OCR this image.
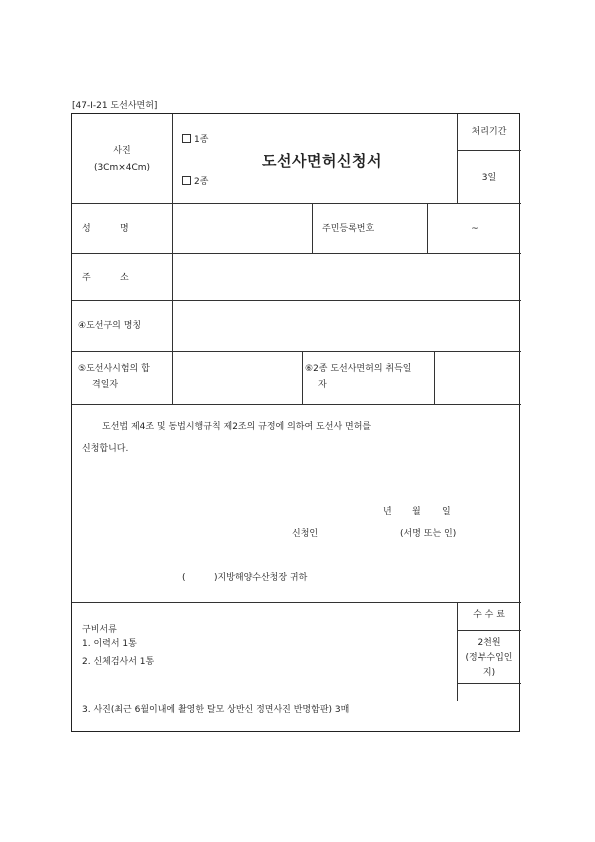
[47-Ⅰ-21 도선사면허]
사진
(3Cm×4Cm)
1종
2종
도선사면허신청서
처리기간
3일
성	명	주민등록번호	~
주	소
④도선구의 명칭
⑤도선사시험의 합
격일자
⑥2종 도선사면허의 취득일
자
도선법 제4조 및 동법시행규칙 제2조의 규정에 의하여 도선사 면허를
신청합니다.
년 월 일
신청인	(서명 또는 인)
(	)지방해양수산청장 귀하
구비서류
1. 이력서 1통
2. 신체검사서 1통
3. 사진(최근 6월이내에 촬영한 탈모 상반신 정면사진 반명함판) 3매
수 수 료
2천원
(정부수입인
지)
